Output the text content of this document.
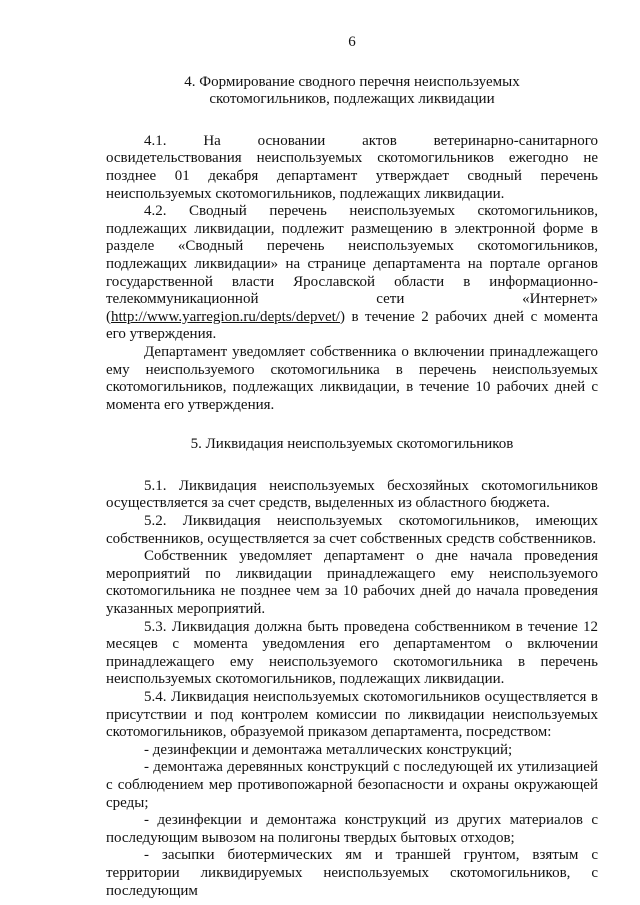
6
4. Формирование сводного перечня неиспользуемых
скотомогильников, подлежащих ликвидации

4.1. На основании актов ветеринарно-санитарного освидетельствования неиспользуемых скотомогильников ежегодно не позднее 01 декабря департамент утверждает сводный перечень неиспользуемых скотомогильников, подлежащих ликвидации.

4.2. Сводный перечень неиспользуемых скотомогильников, подлежащих ликвидации, подлежит размещению в электронной форме в разделе «Сводный перечень неиспользуемых скотомогильников, подлежащих ликвидации» на странице департамента на портале органов государственной власти Ярославской области в информационно-телекоммуникационной сети «Интернет» (http://www.yarregion.ru/depts/depvet/) в течение 2 рабочих дней с момента его утверждения.

Департамент уведомляет собственника о включении принадлежащего ему неиспользуемого скотомогильника в перечень неиспользуемых скотомогильников, подлежащих ликвидации, в течение 10 рабочих дней с момента его утверждения.

5. Ликвидация неиспользуемых скотомогильников

5.1. Ликвидация неиспользуемых бесхозяйных скотомогильников осуществляется за счет средств, выделенных из областного бюджета.

5.2. Ликвидация неиспользуемых скотомогильников, имеющих собственников, осуществляется за счет собственных средств собственников.

Собственник уведомляет департамент о дне начала проведения мероприятий по ликвидации принадлежащего ему неиспользуемого скотомогильника не позднее чем за 10 рабочих дней до начала проведения указанных мероприятий.

5.3. Ликвидация должна быть проведена собственником в течение 12 месяцев с момента уведомления его департаментом о включении принадлежащего ему неиспользуемого скотомогильника в перечень неиспользуемых скотомогильников, подлежащих ликвидации.

5.4. Ликвидация неиспользуемых скотомогильников осуществляется в присутствии и под контролем комиссии по ликвидации неиспользуемых скотомогильников, образуемой приказом департамента, посредством:

- дезинфекции и демонтажа металлических конструкций;

- демонтажа деревянных конструкций с последующей их утилизацией с соблюдением мер противопожарной безопасности и охраны окружающей среды;

- дезинфекции и демонтажа конструкций из других материалов с последующим вывозом на полигоны твердых бытовых отходов;

- засыпки биотермических ям и траншей грунтом, взятым с территории ликвидируемых неиспользуемых скотомогильников, с последующим
